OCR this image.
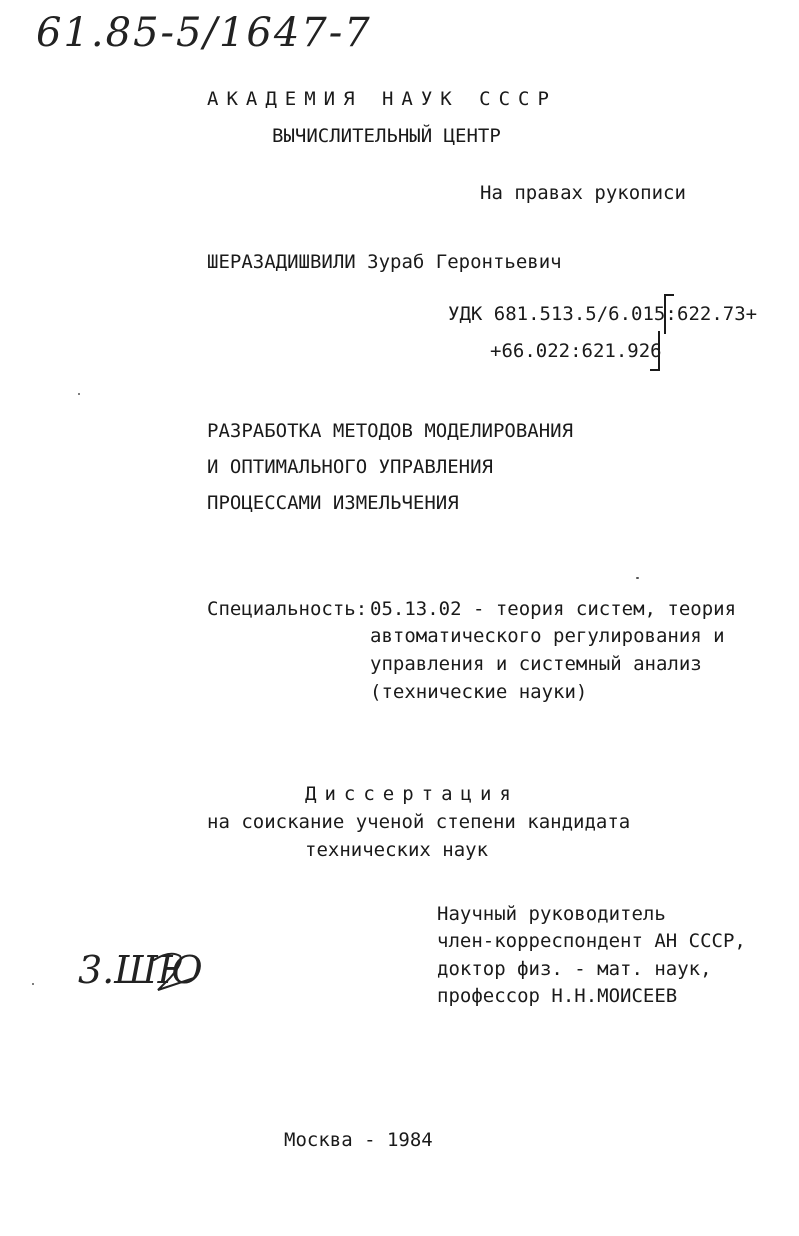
61.85-5/1647-7
АКАДЕМИЯ НАУК СССР
ВЫЧИСЛИТЕЛЬНЫЙ ЦЕНТР
На правах рукописи
ШЕРАЗАДИШВИЛИ Зураб Геронтьевич
УДК 681.513.5/6.015: 622.73+
+66.022:621.926
РАЗРАБОТКА МЕТОДОВ МОДЕЛИРОВАНИЯ
И ОПТИМАЛЬНОГО УПРАВЛЕНИЯ
ПРОЦЕССАМИ ИЗМЕЛЬЧЕНИЯ
Специальность: 05.13.02 - теория систем, теория
автоматического регулирования и
управления и системный анализ
(технические науки)
Диссертация
на соискание ученой степени кандидата
технических наук
Научный руководитель
член-корреспондент АН СССР,
доктор физ. - мат. наук,
профессор Н.Н.МОИСЕЕВ
3.ШЮ
Москва - 1984
